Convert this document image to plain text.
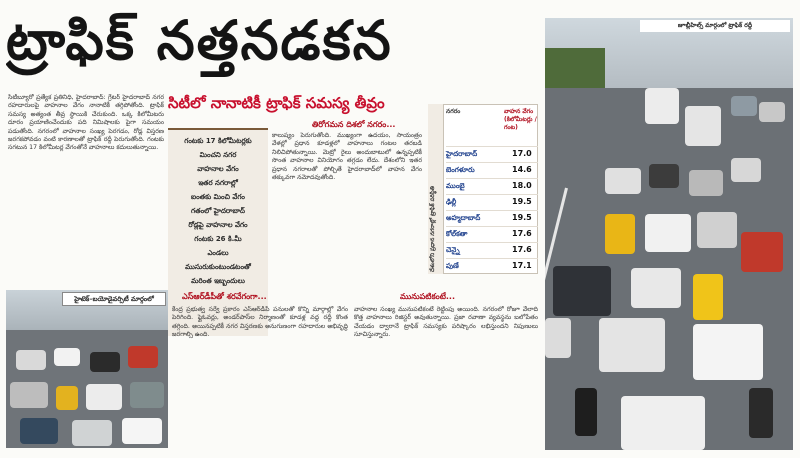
ట్రాఫిక్ నత్తనడకన

సిటీబ్యూరో ప్రత్యేక ప్రతినిధి, హైదరాబాద్: గ్రేటర్ హైదరాబాద్ నగర రహదారులపై వాహనాల వేగం నానాటికీ తగ్గిపోతోంది. ట్రాఫిక్ సమస్య అత్యంత తీవ్ర స్థాయికి చేరుకుంది. ఒక్క కిలోమీటరు దూరం ప్రయాణించేందుకు పది నిమిషాలకు పైగా సమయం పడుతోంది. నగరంలో వాహనాల సంఖ్య పెరగడం, రోడ్ల విస్తరణ జరగకపోవడం వంటి కారణాలతో ట్రాఫిక్ రద్దీ పెరుగుతోంది. గంటకు సగటున 17 కిలోమీటర్ల వేగంతోనే వాహనాలు కదులుతున్నాయి.

సిటీలో నానాటికీ ట్రాఫిక్ సమస్య తీవ్రం
గంటకు 17 కిలోమీటర్లకు
మించని నగర
వాహనాల వేగం
ఇతర నగరాల్లో
ఐంతకు మించి వేగం
గతంలో హైదరాబాద్
రోడ్లపై వాహనాల వేగం
గంటకు 26 కి.మీ
ఎండలు
ముసురుకుంటుండటంతో
మరింత ఇబ్బందులు
తిరోగమన దిశలో నగరం...

కాలుష్యం పెరుగుతోంది. ముఖ్యంగా ఉదయం, సాయంత్రం వేళల్లో ప్రధాన కూడళ్లలో వాహనాలు గంటల తరబడి నిలిచిపోతున్నాయి. మెట్రో రైలు అందుబాటులో ఉన్నప్పటికీ సొంత వాహనాల వినియోగం తగ్గడం లేదు. దేశంలోని ఇతర ప్రధాన నగరాలతో పోల్చితే హైదరాబాద్‌లో వాహన వేగం తక్కువగా నమోదవుతోంది.

దేశంలోని ప్రధాన నగరాల్లో ట్రాఫిక్ పరిస్థితి
నగరం	వాహన వేగం (కిలోమీటర్లు /గంట)
హైదరాబాద్	17.0
బెంగళూరు	14.6
ముంబై	18.0
ఢిల్లీ	19.5
అహ్మదాబాద్	19.5
కోల్‌కతా	17.6
చెన్నై	17.6
పుణే	17.1
హైటెక్‌–బయోడైవర్సిటీ మార్గంలో	ఎస్‌ఆర్‌డీపీతో శరవేగంగా...

కేంద్ర ప్రభుత్వ సర్వే ప్రకారం ఎస్‌ఆర్‌డీపీ పనులతో కొన్ని మార్గాల్లో వేగం పెరిగింది. ఫ్లైఓవర్లు, అండర్‌పాస్‌ల నిర్మాణంతో కూడళ్ల వద్ద రద్దీ కొంత తగ్గింది. అయినప్పటికీ నగర విస్తరణకు అనుగుణంగా రహదారుల అభివృద్ధి జరగాల్సి ఉంది.

మునుపటికంటే...

వాహనాల సంఖ్య మునుపటికంటే రెట్టింపు అయింది. నగరంలో రోజూ వేలాది కొత్త వాహనాలు రిజిస్టర్ అవుతున్నాయి. ప్రజా రవాణా వ్యవస్థను బలోపేతం చేయడం ద్వారానే ట్రాఫిక్ సమస్యకు పరిష్కారం లభిస్తుందని నిపుణులు సూచిస్తున్నారు.

జూబ్లీహిల్స్ మార్గంలో ట్రాఫిక్ రద్దీ
